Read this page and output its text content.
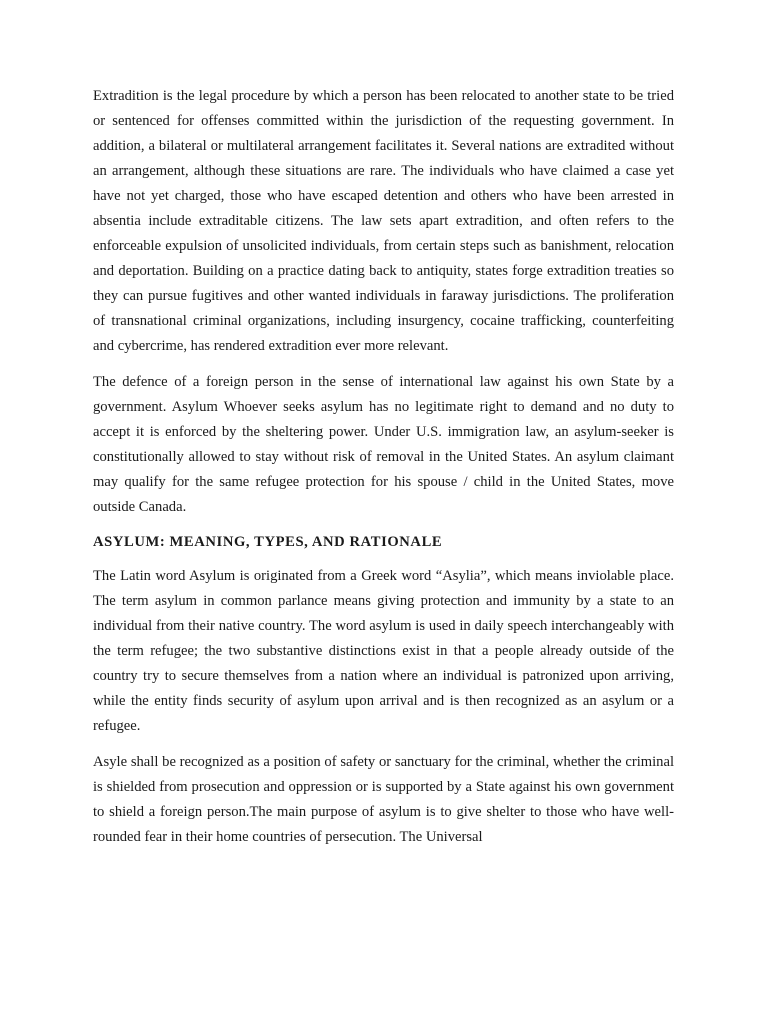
Extradition is the legal procedure by which a person has been relocated to another state to be tried or sentenced for offenses committed within the jurisdiction of the requesting government. In addition, a bilateral or multilateral arrangement facilitates it. Several nations are extradited without an arrangement, although these situations are rare. The individuals who have claimed a case yet have not yet charged, those who have escaped detention and others who have been arrested in absentia include extraditable citizens. The law sets apart extradition, and often refers to the enforceable expulsion of unsolicited individuals, from certain steps such as banishment, relocation and deportation. Building on a practice dating back to antiquity, states forge extradition treaties so they can pursue fugitives and other wanted individuals in faraway jurisdictions. The proliferation of transnational criminal organizations, including insurgency, cocaine trafficking, counterfeiting and cybercrime, has rendered extradition ever more relevant.

The defence of a foreign person in the sense of international law against his own State by a government. Asylum Whoever seeks asylum has no legitimate right to demand and no duty to accept it is enforced by the sheltering power. Under U.S. immigration law, an asylum-seeker is constitutionally allowed to stay without risk of removal in the United States. An asylum claimant may qualify for the same refugee protection for his spouse / child in the United States, move outside Canada.

ASYLUM: MEANING, TYPES, AND RATIONALE

The Latin word Asylum is originated from a Greek word “Asylia”, which means inviolable place. The term asylum in common parlance means giving protection and immunity by a state to an individual from their native country. The word asylum is used in daily speech interchangeably with the term refugee; the two substantive distinctions exist in that a people already outside of the country try to secure themselves from a nation where an individual is patronized upon arriving, while the entity finds security of asylum upon arrival and is then recognized as an asylum or a refugee.

Asyle shall be recognized as a position of safety or sanctuary for the criminal, whether the criminal is shielded from prosecution and oppression or is supported by a State against his own government to shield a foreign person.The main purpose of asylum is to give shelter to those who have well-rounded fear in their home countries of persecution. The Universal
